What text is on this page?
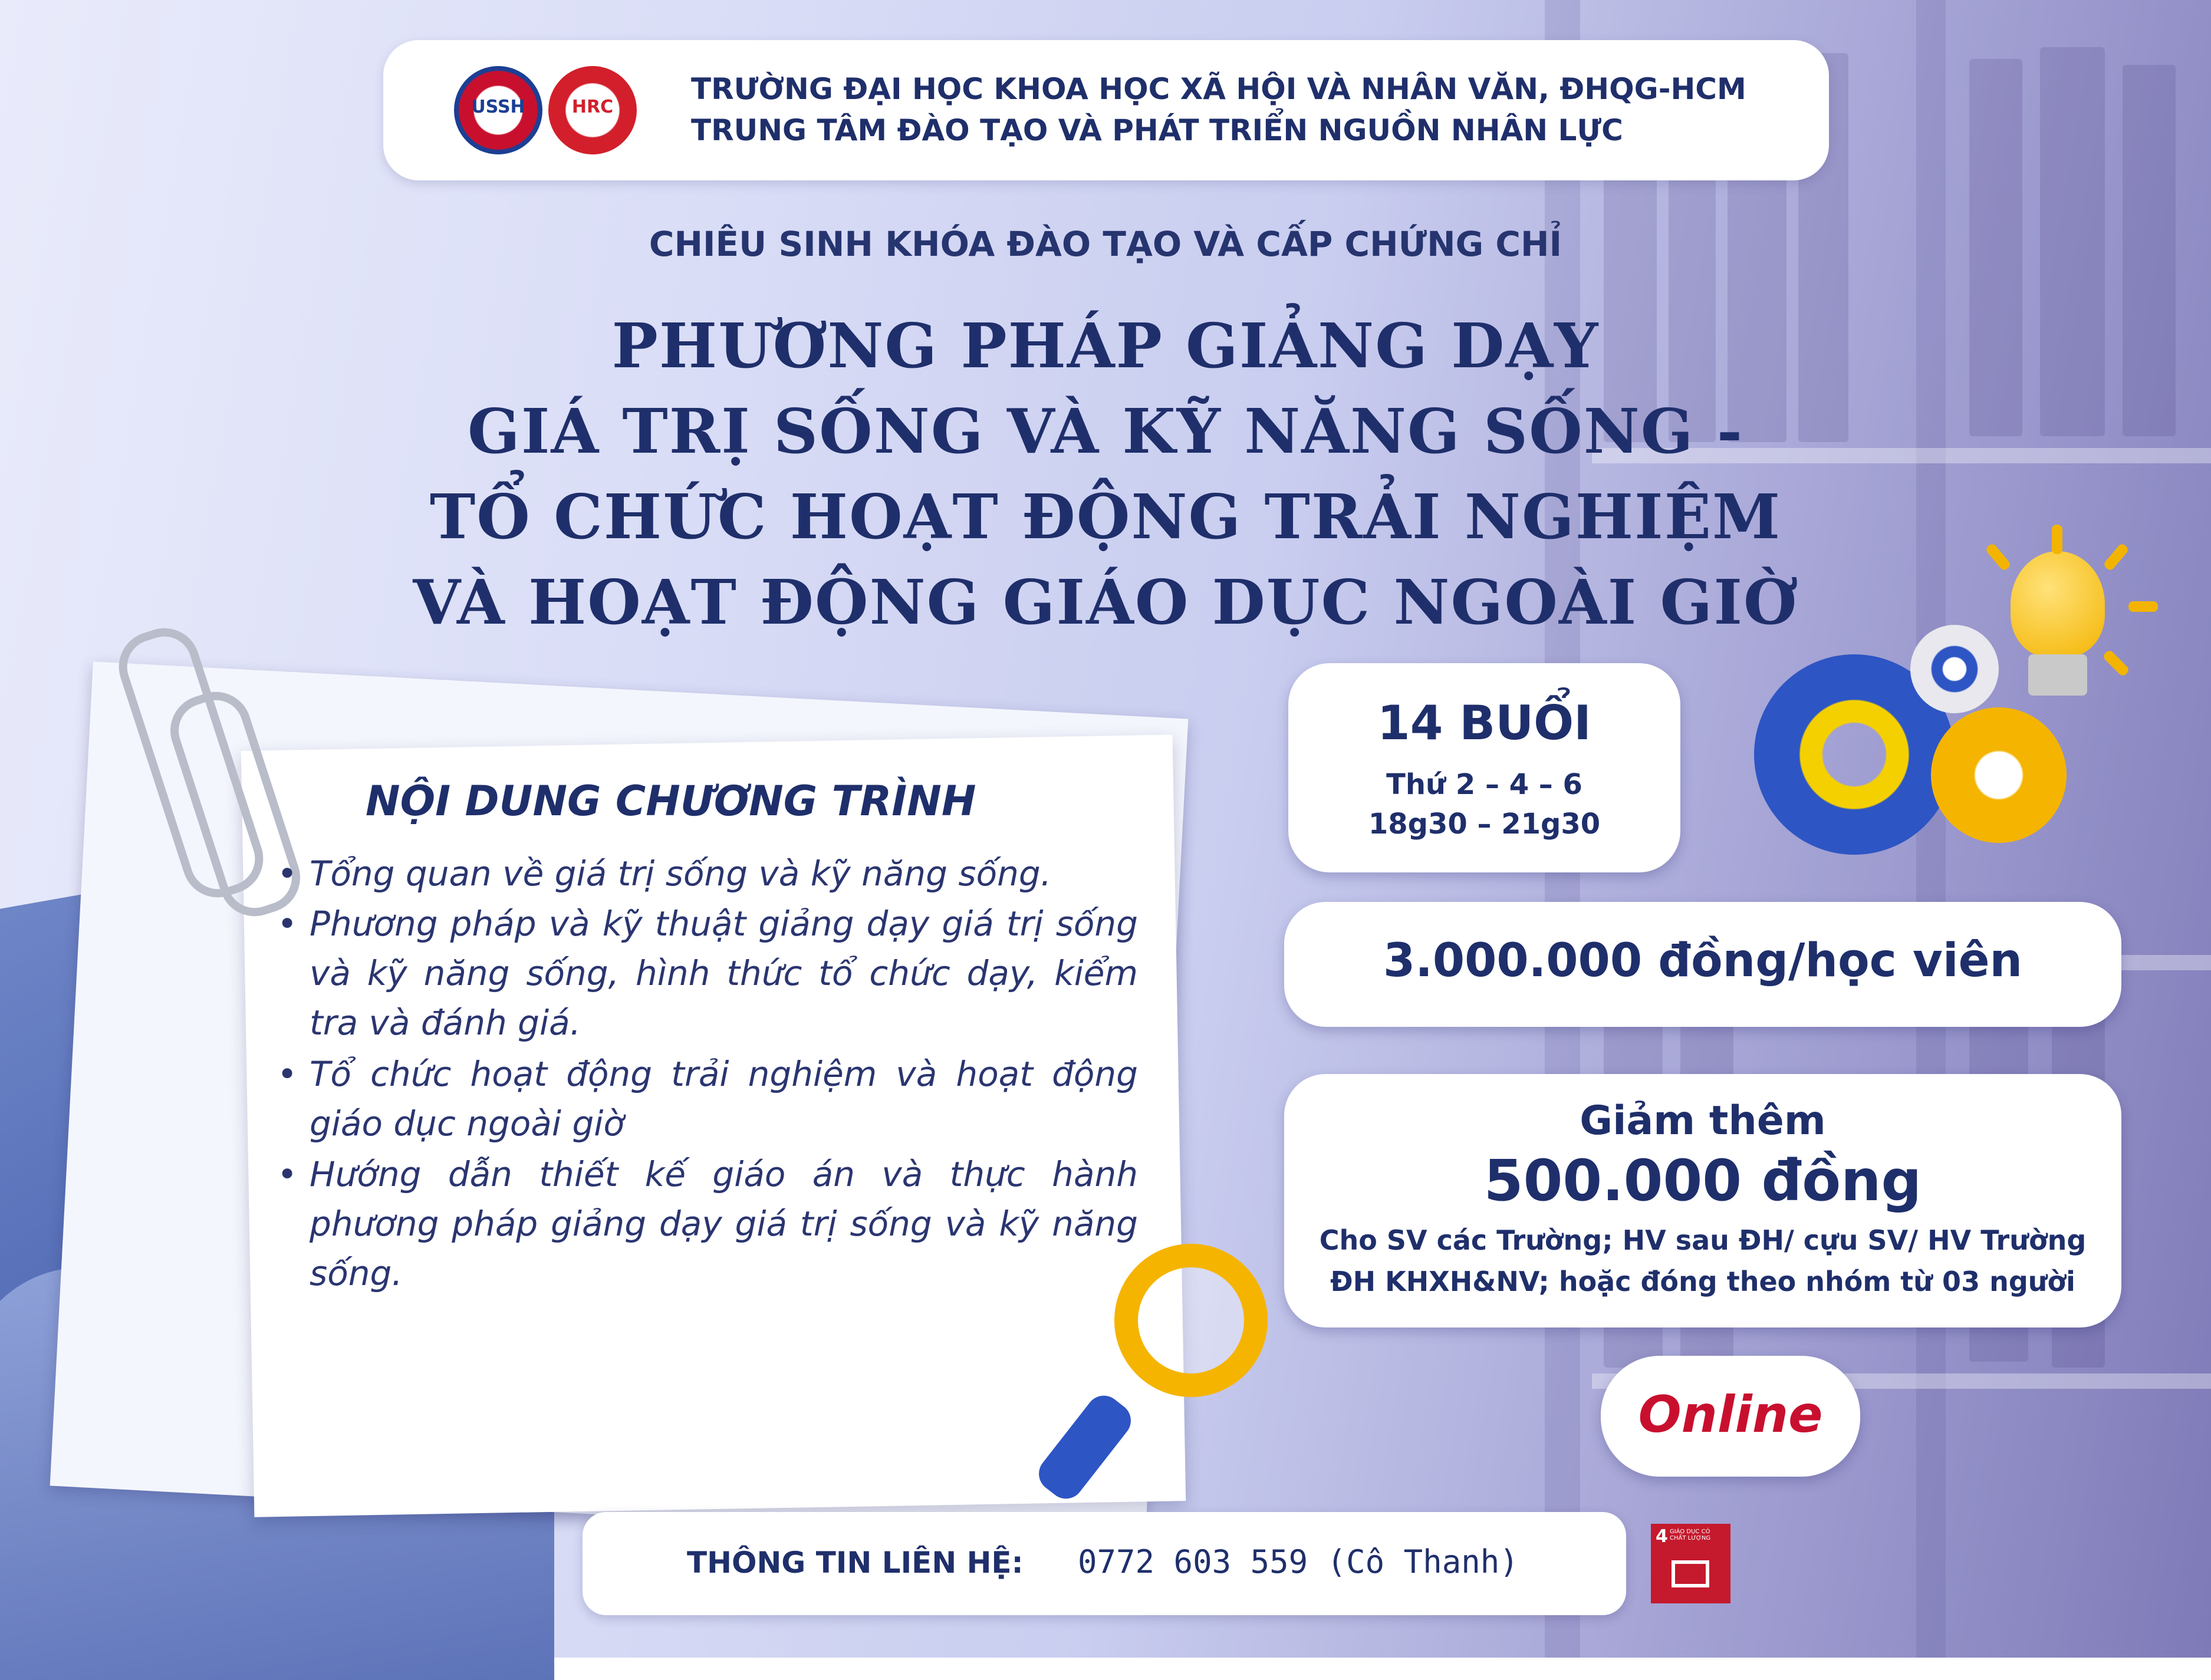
USSH	HRC
TRƯỜNG ĐẠI HỌC KHOA HỌC XÃ HỘI VÀ NHÂN VĂN, ĐHQG-HCM
TRUNG TÂM ĐÀO TẠO VÀ PHÁT TRIỂN NGUỒN NHÂN LỰC
CHIÊU SINH KHÓA ĐÀO TẠO VÀ CẤP CHỨNG CHỈ
PHƯƠNG PHÁP GIẢNG DẠY
GIÁ TRỊ SỐNG VÀ KỸ NĂNG SỐNG -
TỔ CHỨC HOẠT ĐỘNG TRẢI NGHIỆM
VÀ HOẠT ĐỘNG GIÁO DỤC NGOÀI GIỜ
NỘI DUNG CHƯƠNG TRÌNH
• Tổng quan về giá trị sống và kỹ năng sống.
• Phương pháp và kỹ thuật giảng dạy giá trị sống và kỹ năng sống, hình thức tổ chức dạy, kiểm tra và đánh giá.
• Tổ chức hoạt động trải nghiệm và hoạt động giáo dục ngoài giờ
• Hướng dẫn thiết kế giáo án và thực hành phương pháp giảng dạy giá trị sống và kỹ năng sống.
14 BUỔI
Thứ 2 – 4 – 6
18g30 – 21g30
3.000.000 đồng/học viên
Giảm thêm
500.000 đồng
Cho SV các Trường; HV sau ĐH/ cựu SV/ HV Trường
ĐH KHXH&NV; hoặc đóng theo nhóm từ 03 người
Online
THÔNG TIN LIÊN HỆ: 0772 603 559 (Cô Thanh)
4 GIÁO DỤC CÓ CHẤT LƯỢNG
